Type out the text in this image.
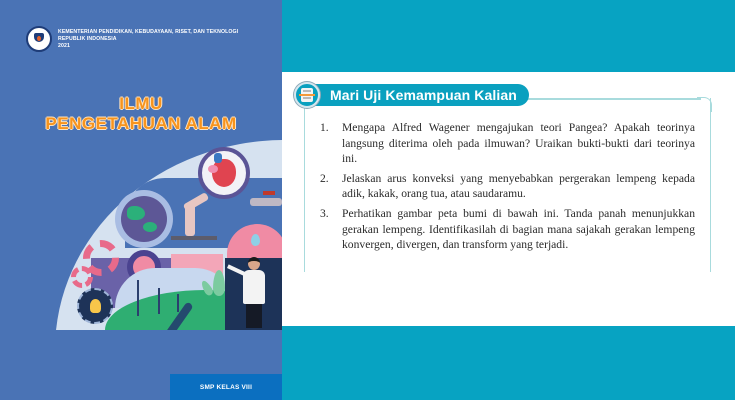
KEMENTERIAN PENDIDIKAN, KEBUDAYAAN, RISET, DAN TEKNOLOGI
REPUBLIK INDONESIA
2021
ILMU
PENGETAHUAN ALAM
SMP KELAS VIII
Mari Uji Kemampuan Kalian
1.	Mengapa Alfred Wagener mengajukan teori Pangea? Apakah teorinya langsung diterima oleh pada ilmuwan? Uraikan bukti-bukti dari teorinya ini.
2.	Jelaskan arus konveksi yang menyebabkan pergerakan lempeng kepada adik, kakak, orang tua, atau saudaramu.
3.	Perhatikan gambar peta bumi di bawah ini. Tanda panah menunjukkan gerakan lempeng. Identifikasilah di bagian mana sajakah gerakan lempeng konvergen, divergen, dan transform yang terjadi.
